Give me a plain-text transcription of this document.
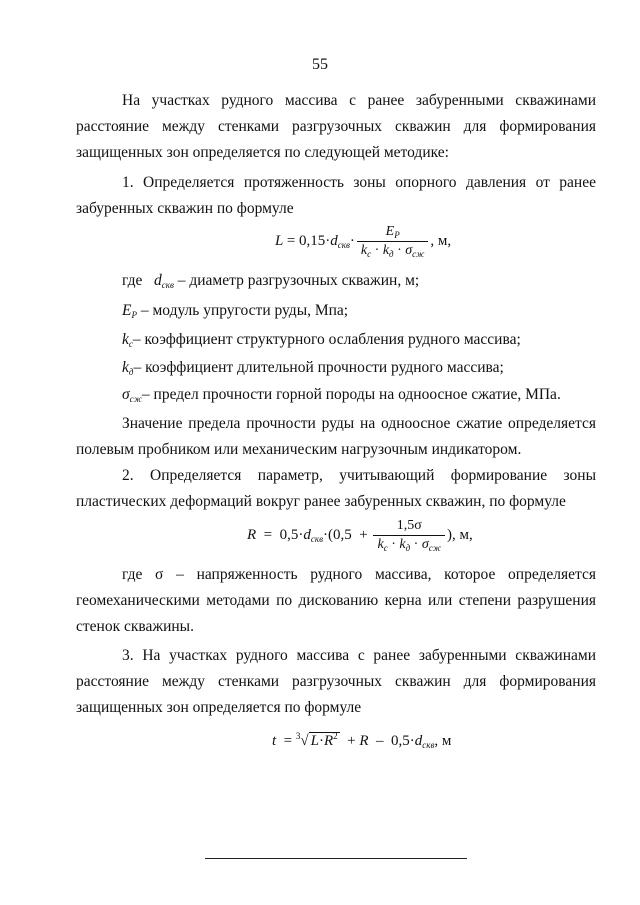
55
На участках рудного массива с ранее забуренными скважинами
расстояние между стенками разгрузочных скважин для формирования
защищенных зон определяется по следующей методике:
1. Определяется протяженность зоны опорного давления от ранее
забуренных скважин по формуле
$L = 0,15\cdot d_{скв}\cdot \frac{E_P}{k_c \cdot k_д \cdot \sigma_{сж}}$ , м,
где $d_{скв}$ – диаметр разгрузочных скважин, м;
$E_P$ – модуль упругости руды, Мпа;
$k_c-$ коэффициент структурного ослабления рудного массива;
$k_д-$ коэффициент длительной прочности рудного массива;
$\sigma_{сж}-$ предел прочности горной породы на одноосное сжатие, МПа.
Значение предела прочности руды на одноосное сжатие определяется
полевым пробником или механическим нагрузочным индикатором.
2. Определяется параметр, учитывающий формирование зоны
пластических деформаций вокруг ранее забуренных скважин, по формуле
$R = 0,5\cdot d_{скв}\cdot(0,5 + \frac{1,5\sigma}{k_c \cdot k_д \cdot \sigma_{сж}}$ ), м,
где σ – напряженность рудного массива, которое определяется
геомеханическими методами по дискованию керна или степени разрушения
стенок скважины.
3. На участках рудного массива с ранее забуренными скважинами
расстояние между стенками разгрузочных скважин для формирования
защищенных зон определяется по формуле
t = $^3$√ $L\cdot R^2 + R - 0,5\cdot d_{скв}$, м
